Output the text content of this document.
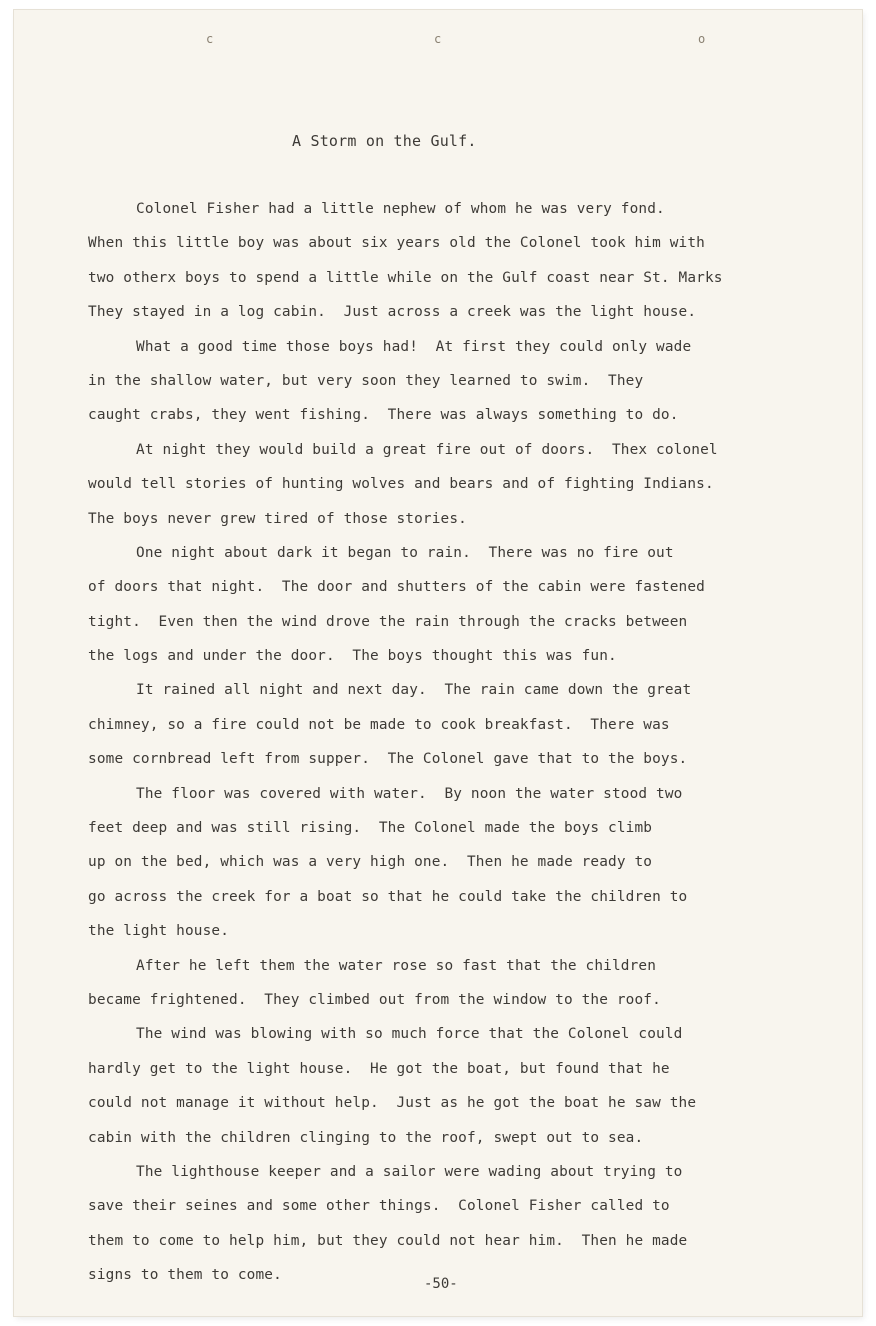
c	c	o
A Storm on the Gulf.
Colonel Fisher had a little nephew of whom he was very fond.
When this little boy was about six years old the Colonel took him with
two otherx boys to spend a little while on the Gulf coast near St. Marks
They stayed in a log cabin.  Just across a creek was the light house.
What a good time those boys had!  At first they could only wade
in the shallow water, but very soon they learned to swim.  They
caught crabs, they went fishing.  There was always something to do.
At night they would build a great fire out of doors.  Thex colonel
would tell stories of hunting wolves and bears and of fighting Indians.
The boys never grew tired of those stories.
One night about dark it began to rain.  There was no fire out
of doors that night.  The door and shutters of the cabin were fastened
tight.  Even then the wind drove the rain through the cracks between
the logs and under the door.  The boys thought this was fun.
It rained all night and next day.  The rain came down the great
chimney, so a fire could not be made to cook breakfast.  There was
some cornbread left from supper.  The Colonel gave that to the boys.
The floor was covered with water.  By noon the water stood two
feet deep and was still rising.  The Colonel made the boys climb
up on the bed, which was a very high one.  Then he made ready to
go across the creek for a boat so that he could take the children to
the light house.
After he left them the water rose so fast that the children
became frightened.  They climbed out from the window to the roof.
The wind was blowing with so much force that the Colonel could
hardly get to the light house.  He got the boat, but found that he
could not manage it without help.  Just as he got the boat he saw the
cabin with the children clinging to the roof, swept out to sea.
The lighthouse keeper and a sailor were wading about trying to
save their seines and some other things.  Colonel Fisher called to
them to come to help him, but they could not hear him.  Then he made
signs to them to come.
-50-
